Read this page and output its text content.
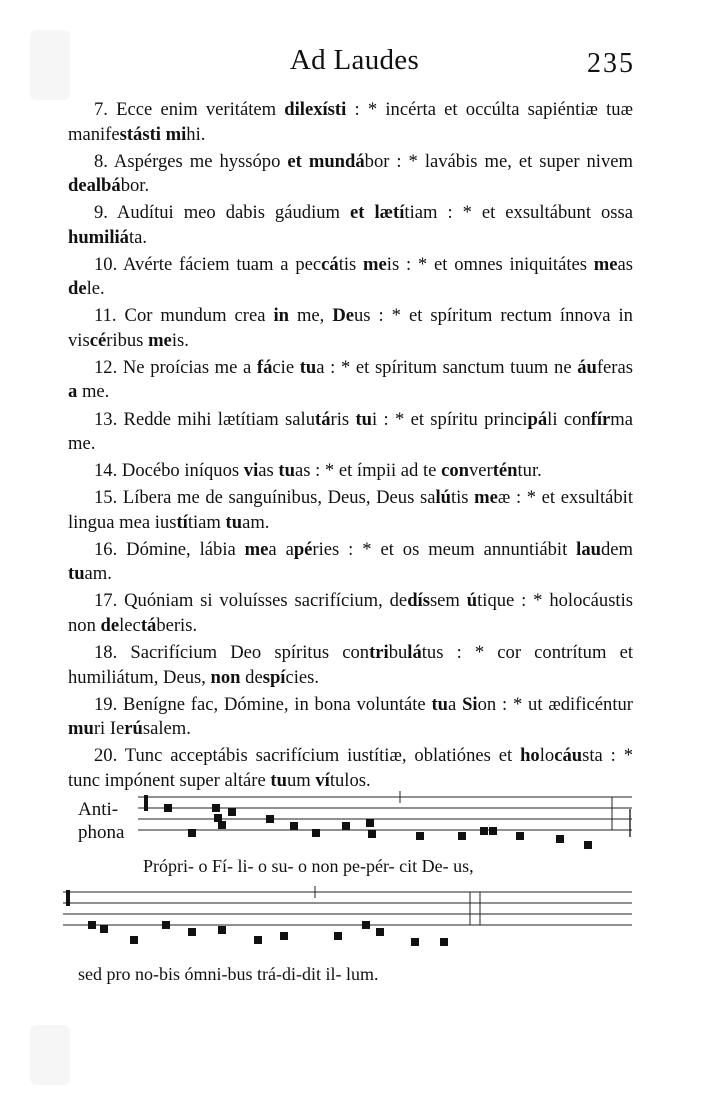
Ad Laudes	235
7. Ecce enim veritátem dilexísti : * incérta et occúlta sapiéntiæ tuæ manifestásti mihi.
8. Aspérges me hyssópo et mundábor : * lavábis me, et super nivem dealbábor.
9. Audítui meo dabis gáudium et lætítiam : * et exsultábunt ossa humiliáta.
10. Avérte fáciem tuam a peccátis meis : * et omnes iniquitátes meas dele.
11. Cor mundum crea in me, Deus : * et spíritum rectum ínnova in viscéribus meis.
12. Ne proícias me a fácie tua : * et spíritum sanctum tuum ne áuferas a me.
13. Redde mihi lætítiam salutáris tui : * et spíritu principáli confírma me.
14. Docébo iníquos vias tuas : * et ímpii ad te converténtur.
15. Líbera me de sanguínibus, Deus, Deus salútis meæ : * et exsultábit lingua mea iustítiam tuam.
16. Dómine, lábia mea apéries : * et os meum annuntiábit laudem tuam.
17. Quóniam si voluísses sacrifícium, dedíssem útique : * holocáustis non delectáberis.
18. Sacrifícium Deo spíritus contribulátus : * cor contrítum et humiliátum, Deus, non despícies.
19. Benígne fac, Dómine, in bona voluntáte tua Sion : * ut ædificéntur muri Ierúsalem.
20. Tunc acceptábis sacrifícium iustítiæ, oblatiónes et holocáusta : * tunc impónent super altáre tuum vítulos.
Anti-
phona
Própri- o Fí- li- o su- o non pe-pér- cit De- us,
sed pro no-bis ómni-bus trá-di-dit il- lum.
